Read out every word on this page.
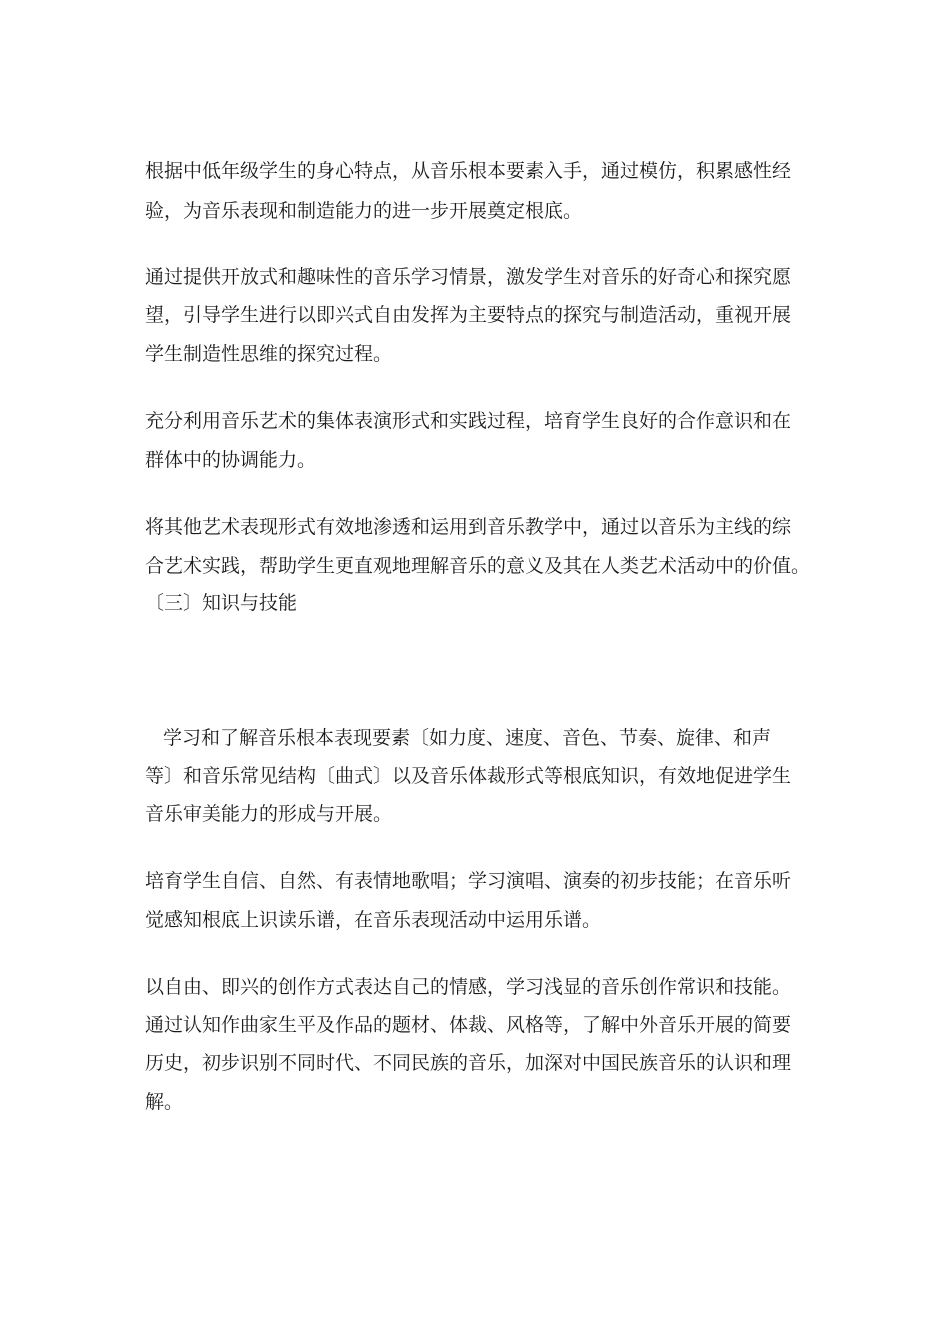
根据中低年级学生的身心特点，从音乐根本要素入手，通过模仿，积累感性经
验，为音乐表现和制造能力的进一步开展奠定根底。
通过提供开放式和趣味性的音乐学习情景，激发学生对音乐的好奇心和探究愿
望，引导学生进行以即兴式自由发挥为主要特点的探究与制造活动，重视开展
学生制造性思维的探究过程。
充分利用音乐艺术的集体表演形式和实践过程，培育学生良好的合作意识和在
群体中的协调能力。
将其他艺术表现形式有效地渗透和运用到音乐教学中，通过以音乐为主线的综
合艺术实践，帮助学生更直观地理解音乐的意义及其在人类艺术活动中的价值。
〔三〕知识与技能
学习和了解音乐根本表现要素〔如力度、速度、音色、节奏、旋律、和声
等〕和音乐常见结构〔曲式〕以及音乐体裁形式等根底知识，有效地促进学生
音乐审美能力的形成与开展。
培育学生自信、自然、有表情地歌唱；学习演唱、演奏的初步技能；在音乐听
觉感知根底上识读乐谱，在音乐表现活动中运用乐谱。
以自由、即兴的创作方式表达自己的情感，学习浅显的音乐创作常识和技能。
通过认知作曲家生平及作品的题材、体裁、风格等，了解中外音乐开展的简要
历史，初步识别不同时代、不同民族的音乐，加深对中国民族音乐的认识和理
解。
